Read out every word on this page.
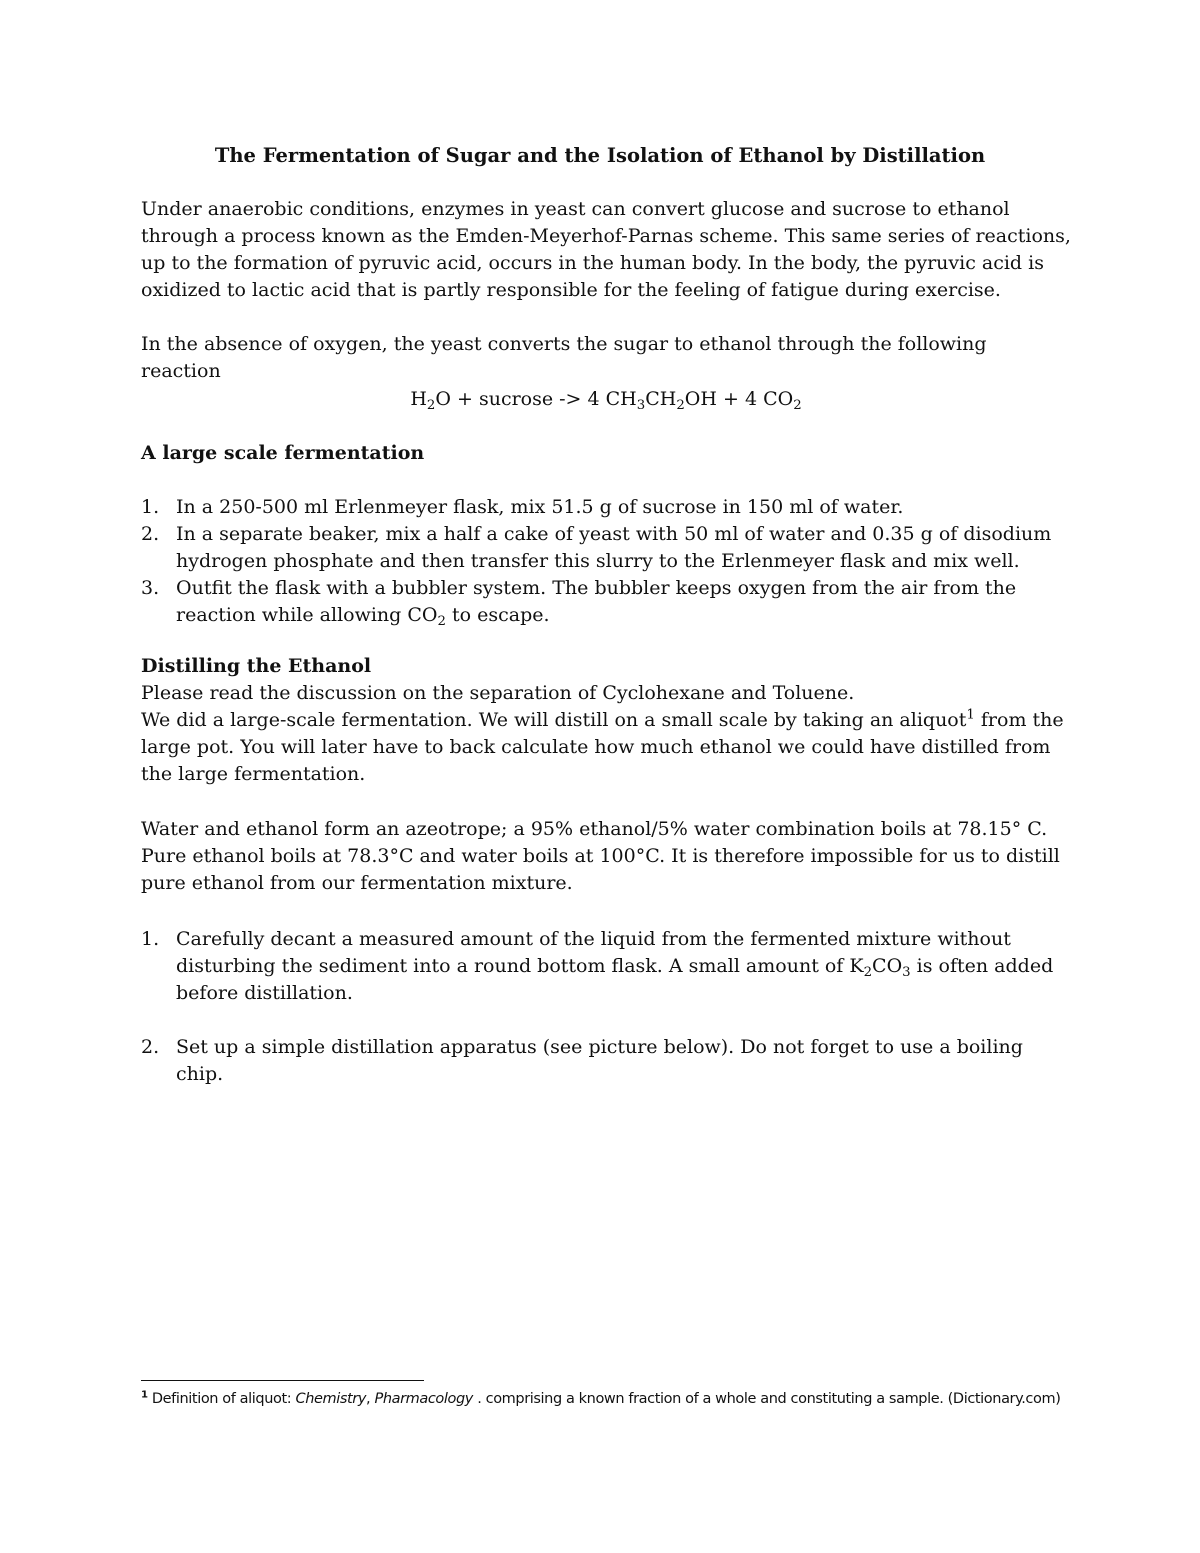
The Fermentation of Sugar and the Isolation of Ethanol by Distillation

Under anaerobic conditions, enzymes in yeast can convert glucose and sucrose to ethanol

through a process known as the Emden-Meyerhof-Parnas scheme. This same series of reactions,

up to the formation of pyruvic acid, occurs in the human body. In the body, the pyruvic acid is

oxidized to lactic acid that is partly responsible for the feeling of fatigue during exercise.

In the absence of oxygen, the yeast converts the sugar to ethanol through the following reaction

$H_2O$ + sucrose -> 4 $CH_3CH_2OH + 4$ $CO_2$

A large scale fermentation

1. In a 250-500 ml Erlenmeyer flask, mix 51.5 g of sucrose in 150 ml of water.

2. In a separate beaker, mix a half a cake of yeast with 50 ml of water and 0.35 g of disodium

hydrogen phosphate and then transfer this slurry to the Erlenmeyer flask and mix well.

3. Outfit the flask with a bubbler system. The bubbler keeps oxygen from the air from the

reaction while allowing $CO_2$ to escape.

Distilling the Ethanol

Please read the discussion on the separation of Cyclohexane and Toluene.

We did a large-scale fermentation. We will distill on a small scale by taking an aliquot$^1$ from the

large pot. You will later have to back calculate how much ethanol we could have distilled from

the large fermentation.

Water and ethanol form an azeotrope; a 95% ethanol/5% water combination boils at 78.15° C.

Pure ethanol boils at 78.3°C and water boils at 100°C. It is therefore impossible for us to distill

pure ethanol from our fermentation mixture.

1. Carefully decant a measured amount of the liquid from the fermented mixture without

disturbing the sediment into a round bottom flask. A small amount of $K_2CO_3$ is often added

before distillation.

2. Set up a simple distillation apparatus (see picture below). Do not forget to use a boiling chip.

$^1$ Definition of aliquot: Chemistry, Pharmacology . comprising a known fraction of a whole and constituting a sample. (Dictionary.com)
